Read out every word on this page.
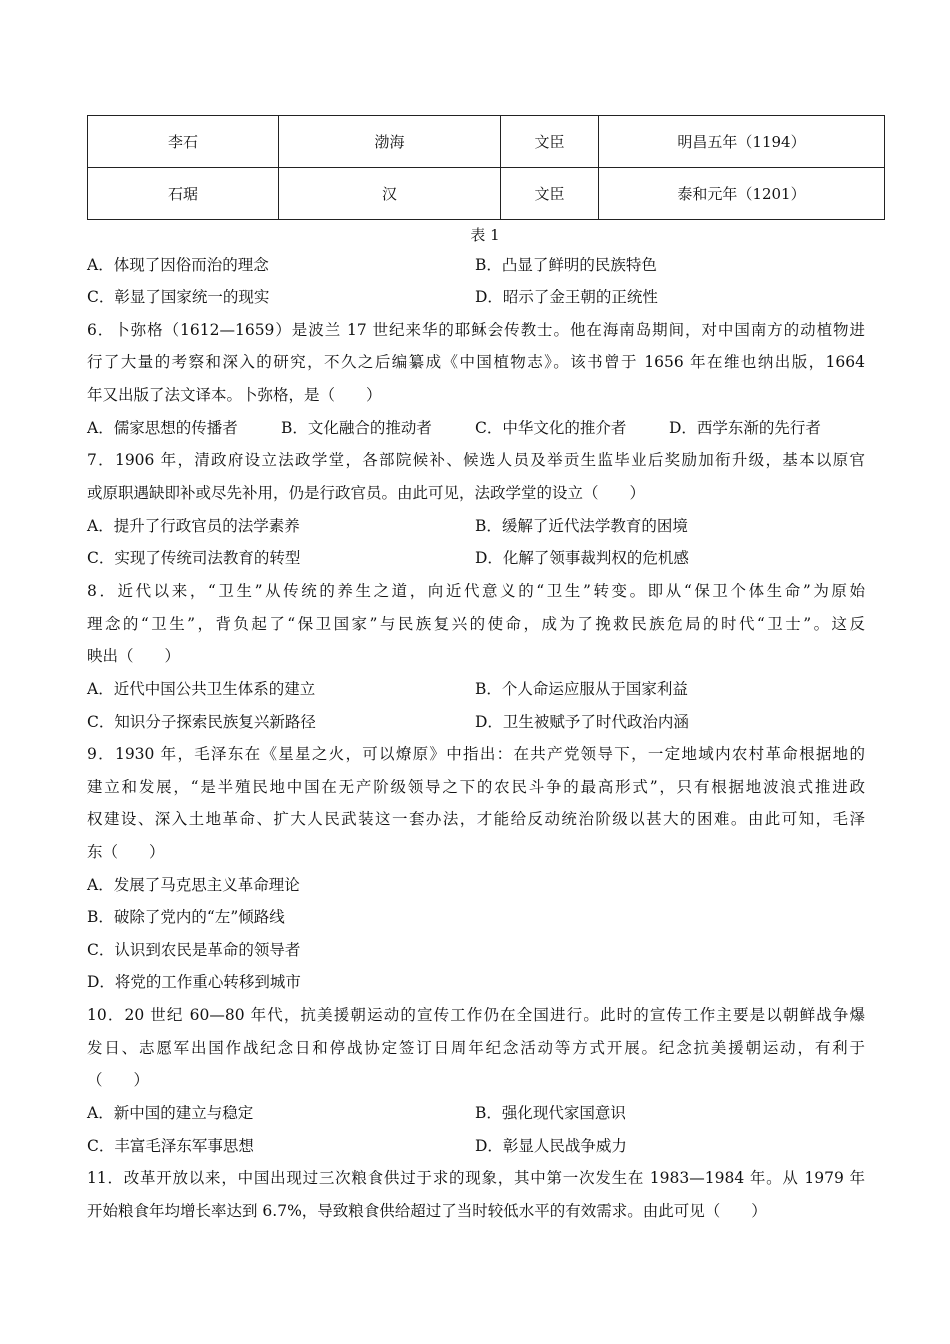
李石	渤海	文臣	明昌五年（1194）
石琚	汉	文臣	泰和元年（1201）
表 1
A．体现了因俗而治的理念	B．凸显了鲜明的民族特色
C．彰显了国家统一的现实	D．昭示了金王朝的正统性
6．卜弥格（1612—1659）是波兰 17 世纪来华的耶稣会传教士。他在海南岛期间，对中国南方的动植物进
行了大量的考察和深入的研究，不久之后编纂成《中国植物志》。该书曾于 1656 年在维也纳出版，1664
年又出版了法文译本。卜弥格，是（　　）
A．儒家思想的传播者	B．文化融合的推动者	C．中华文化的推介者	D．西学东渐的先行者
7．1906 年，清政府设立法政学堂，各部院候补、候选人员及举贡生监毕业后奖励加衔升级，基本以原官
或原职遇缺即补或尽先补用，仍是行政官员。由此可见，法政学堂的设立（　　）
A．提升了行政官员的法学素养	B．缓解了近代法学教育的困境
C．实现了传统司法教育的转型	D．化解了领事裁判权的危机感
8．近代以来，“卫生”从传统的养生之道，向近代意义的“卫生”转变。即从“保卫个体生命”为原始
理念的“卫生”，背负起了“保卫国家”与民族复兴的使命，成为了挽救民族危局的时代“卫士”。这反
映出（　　）
A．近代中国公共卫生体系的建立	B．个人命运应服从于国家利益
C．知识分子探索民族复兴新路径	D．卫生被赋予了时代政治内涵
9．1930 年，毛泽东在《星星之火，可以燎原》中指出：在共产党领导下，一定地域内农村革命根据地的
建立和发展，“是半殖民地中国在无产阶级领导之下的农民斗争的最高形式”，只有根据地波浪式推进政
权建设、深入土地革命、扩大人民武装这一套办法，才能给反动统治阶级以甚大的困难。由此可知，毛泽
东（　　）
A．发展了马克思主义革命理论
B．破除了党内的“左”倾路线
C．认识到农民是革命的领导者
D．将党的工作重心转移到城市
10．20 世纪 60—80 年代，抗美援朝运动的宣传工作仍在全国进行。此时的宣传工作主要是以朝鲜战争爆
发日、志愿军出国作战纪念日和停战协定签订日周年纪念活动等方式开展。纪念抗美援朝运动，有利于
（　　）
A．新中国的建立与稳定	B．强化现代家国意识
C．丰富毛泽东军事思想	D．彰显人民战争威力
11．改革开放以来，中国出现过三次粮食供过于求的现象，其中第一次发生在 1983—1984 年。从 1979 年
开始粮食年均增长率达到 6.7%，导致粮食供给超过了当时较低水平的有效需求。由此可见（　　）
